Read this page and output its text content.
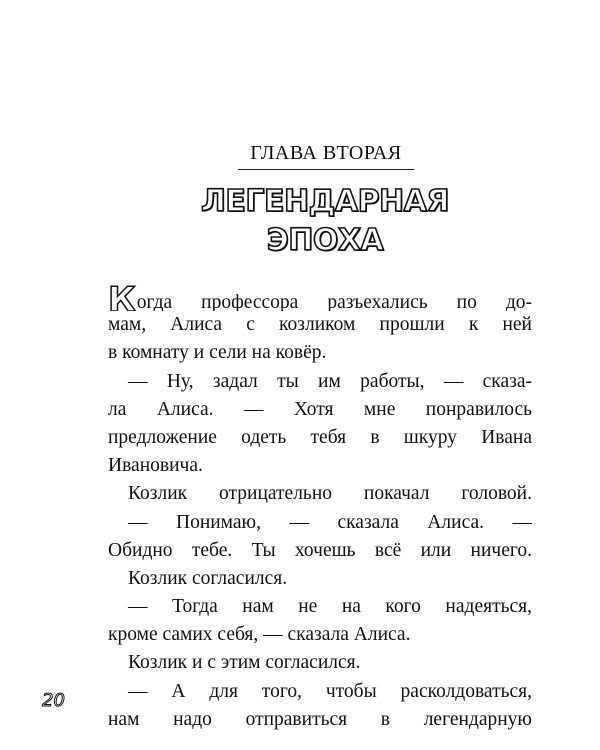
ГЛАВА ВТОРАЯ
ЛЕГЕНДАРНАЯ
ЭПОХА
Когда профессора разъехались по до-
мам, Алиса с козликом прошли к ней
в комнату и сели на ковёр.
— Ну, задал ты им работы, — сказа-
ла Алиса. — Хотя мне понравилось
предложение одеть тебя в шкуру Ивана
Ивановича.
Козлик отрицательно покачал головой.
— Понимаю, — сказала Алиса. —
Обидно тебе. Ты хочешь всё или ничего.
Козлик согласился.
— Тогда нам не на кого надеяться,
кроме самих себя, — сказала Алиса.
Козлик и с этим согласился.
— А для того, чтобы расколдоваться,
нам надо отправиться в легендарную
20
